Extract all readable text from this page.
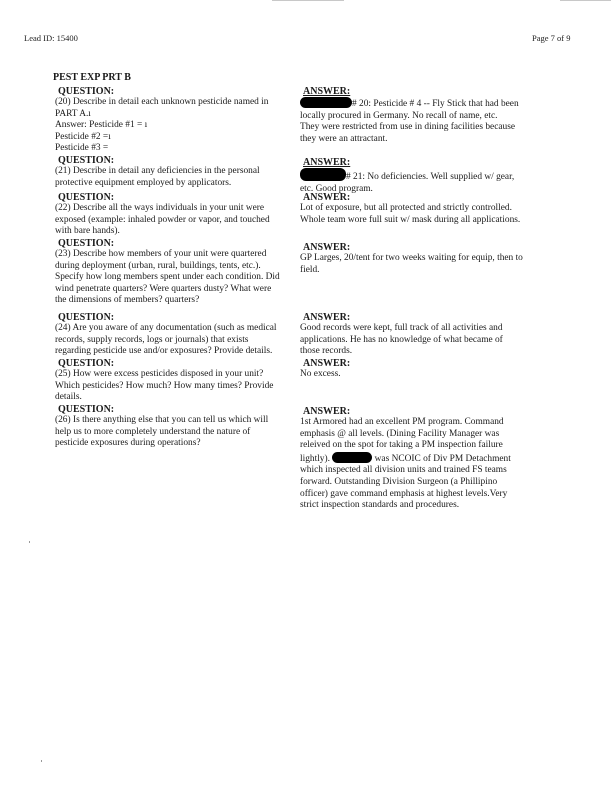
Lead ID: 15400	Page 7 of 9
PEST EXP PRT B
QUESTION:
(20) Describe in detail each unknown pesticide named in
PART A.ı
Answer: Pesticide #1 = ı
Pesticide #2 =ı
Pesticide #3 =
ANSWER:
# 20: Pesticide # 4 -- Fly Stick that had been
locally procured in Germany. No recall of name, etc.
They were restricted from use in dining facilities because
they were an attractant.
QUESTION:
(21) Describe in detail any deficiencies in the personal
protective equipment employed by applicators.
ANSWER:
# 21: No deficiencies. Well supplied w/ gear,
etc. Good program.
QUESTION:
(22) Describe all the ways individuals in your unit were
exposed (example: inhaled powder or vapor, and touched
with bare hands).
ANSWER:
Lot of exposure, but all protected and strictly controlled.
Whole team wore full suit w/ mask during all applications.
QUESTION:
(23) Describe how members of your unit were quartered
during deployment (urban, rural, buildings, tents, etc.).
Specify how long members spent under each condition. Did
wind penetrate quarters? Were quarters dusty? What were
the dimensions of members? quarters?
ANSWER:
GP Larges, 20/tent for two weeks waiting for equip, then to
field.
QUESTION:
(24) Are you aware of any documentation (such as medical
records, supply records, logs or journals) that exists
regarding pesticide use and/or exposures? Provide details.
ANSWER:
Good records were kept, full track of all activities and
applications. He has no knowledge of what became of
those records.
QUESTION:
(25) How were excess pesticides disposed in your unit?
Which pesticides? How much? How many times? Provide
details.
ANSWER:
No excess.
QUESTION:
(26) Is there anything else that you can tell us which will
help us to more completely understand the nature of
pesticide exposures during operations?
ANSWER:
1st Armored had an excellent PM program. Command
emphasis @ all levels. (Dining Facility Manager was
releived on the spot for taking a PM inspection failure
lightly).	was NCOIC of Div PM Detachment
which inspected all division units and trained FS teams
forward. Outstanding Division Surgeon (a Phillipino
officer) gave command emphasis at highest levels.Very
strict inspection standards and procedures.
